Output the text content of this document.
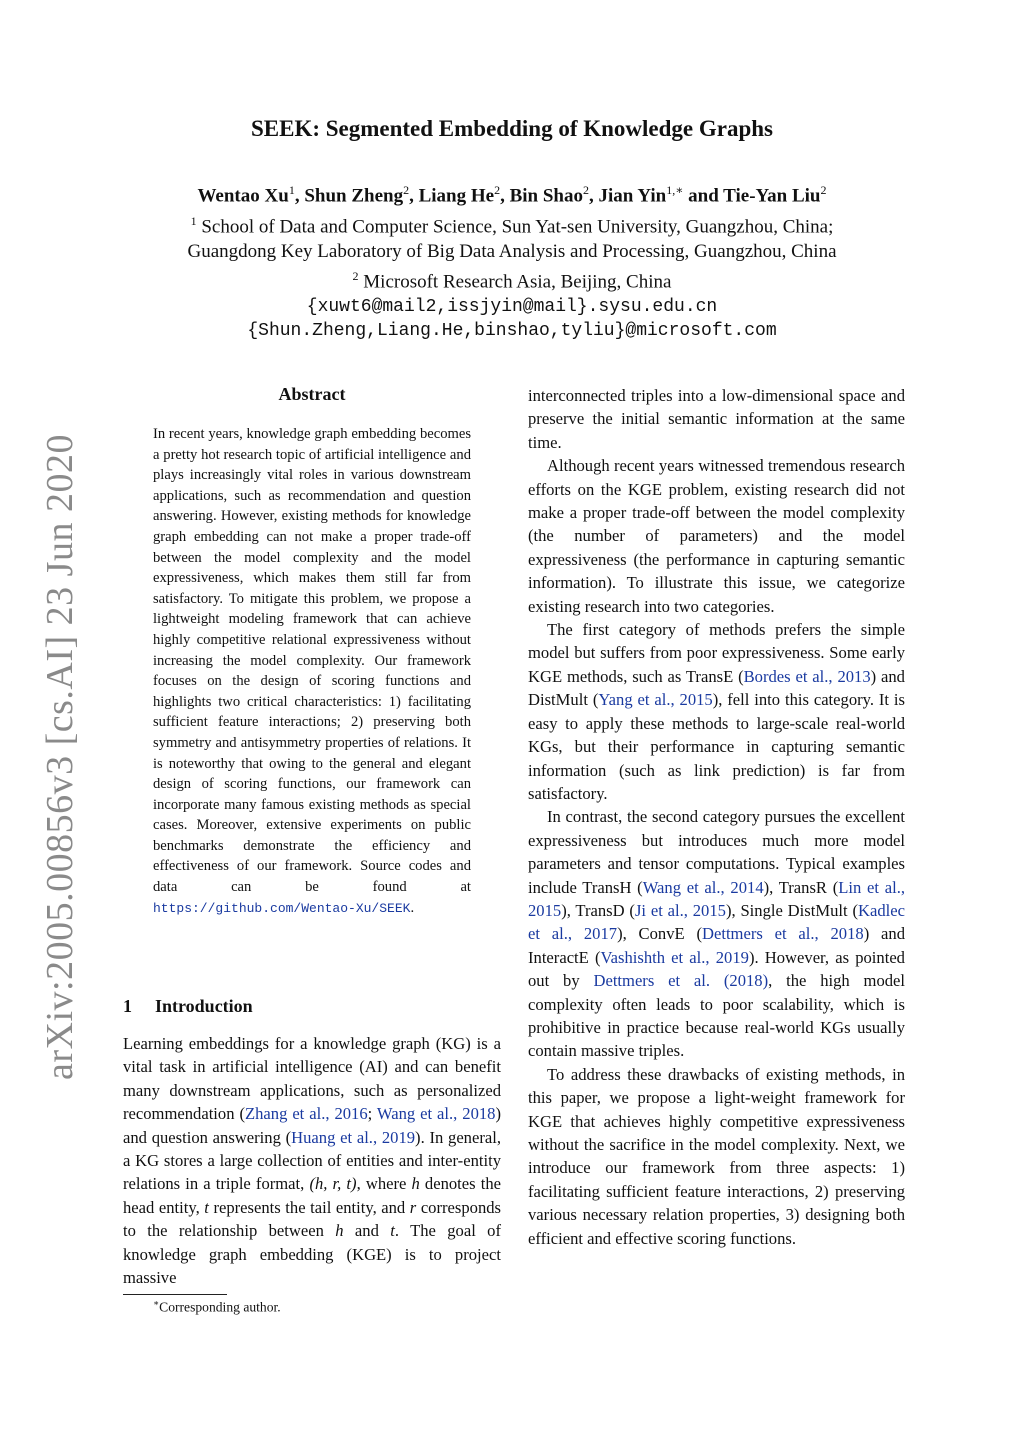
arXiv:2005.00856v3 [cs.AI] 23 Jun 2020
SEEK: Segmented Embedding of Knowledge Graphs
Wentao Xu$^1$, Shun Zheng$^2$, Liang He$^2$, Bin Shao$^2$, Jian Yin$^{1,∗}$ and Tie-Yan Liu$^2$
$^1$ School of Data and Computer Science, Sun Yat-sen University, Guangzhou, China;
Guangdong Key Laboratory of Big Data Analysis and Processing, Guangzhou, China
$^2$ Microsoft Research Asia, Beijing, China
{xuwt6@mail2,issjyin@mail}.sysu.edu.cn
{Shun.Zheng,Liang.He,binshao,tyliu}@microsoft.com
Abstract
In recent years, knowledge graph embedding becomes a pretty hot research topic of artificial intelligence and plays increasingly vital roles in various downstream applications, such as recommendation and question answering. However, existing methods for knowledge graph embedding can not make a proper trade-off between the model complexity and the model expressiveness, which makes them still far from satisfactory. To mitigate this problem, we propose a lightweight modeling framework that can achieve highly competitive relational expressiveness without increasing the model complexity. Our framework focuses on the design of scoring functions and highlights two critical characteristics: 1) facilitating sufficient feature interactions; 2) preserving both symmetry and antisymmetry properties of relations. It is noteworthy that owing to the general and elegant design of scoring functions, our framework can incorporate many famous existing methods as special cases. Moreover, extensive experiments on public benchmarks demonstrate the efficiency and effectiveness of our framework. Source codes and data can be found at https://github.com/Wentao-Xu/SEEK.
1 Introduction

Learning embeddings for a knowledge graph (KG) is a vital task in artificial intelligence (AI) and can benefit many downstream applications, such as personalized recommendation (Zhang et al., 2016; Wang et al., 2018) and question answering (Huang et al., 2019). In general, a KG stores a large collection of entities and inter-entity relations in a triple format, (h, r, t), where h denotes the head entity, t represents the tail entity, and r corresponds to the relationship between h and t. The goal of knowledge graph embedding (KGE) is to project massive

interconnected triples into a low-dimensional space and preserve the initial semantic information at the same time.

Although recent years witnessed tremendous research efforts on the KGE problem, existing research did not make a proper trade-off between the model complexity (the number of parameters) and the model expressiveness (the performance in capturing semantic information). To illustrate this issue, we categorize existing research into two categories.

The first category of methods prefers the simple model but suffers from poor expressiveness. Some early KGE methods, such as TransE (Bordes et al., 2013) and DistMult (Yang et al., 2015), fell into this category. It is easy to apply these methods to large-scale real-world KGs, but their performance in capturing semantic information (such as link prediction) is far from satisfactory.

In contrast, the second category pursues the excellent expressiveness but introduces much more model parameters and tensor computations. Typical examples include TransH (Wang et al., 2014), TransR (Lin et al., 2015), TransD (Ji et al., 2015), Single DistMult (Kadlec et al., 2017), ConvE (Dettmers et al., 2018) and InteractE (Vashishth et al., 2019). However, as pointed out by Dettmers et al. (2018), the high model complexity often leads to poor scalability, which is prohibitive in practice because real-world KGs usually contain massive triples.

To address these drawbacks of existing methods, in this paper, we propose a light-weight framework for KGE that achieves highly competitive expressiveness without the sacrifice in the model complexity. Next, we introduce our framework from three aspects: 1) facilitating sufficient feature interactions, 2) preserving various necessary relation properties, 3) designing both efficient and effective scoring functions.

∗Corresponding author.
